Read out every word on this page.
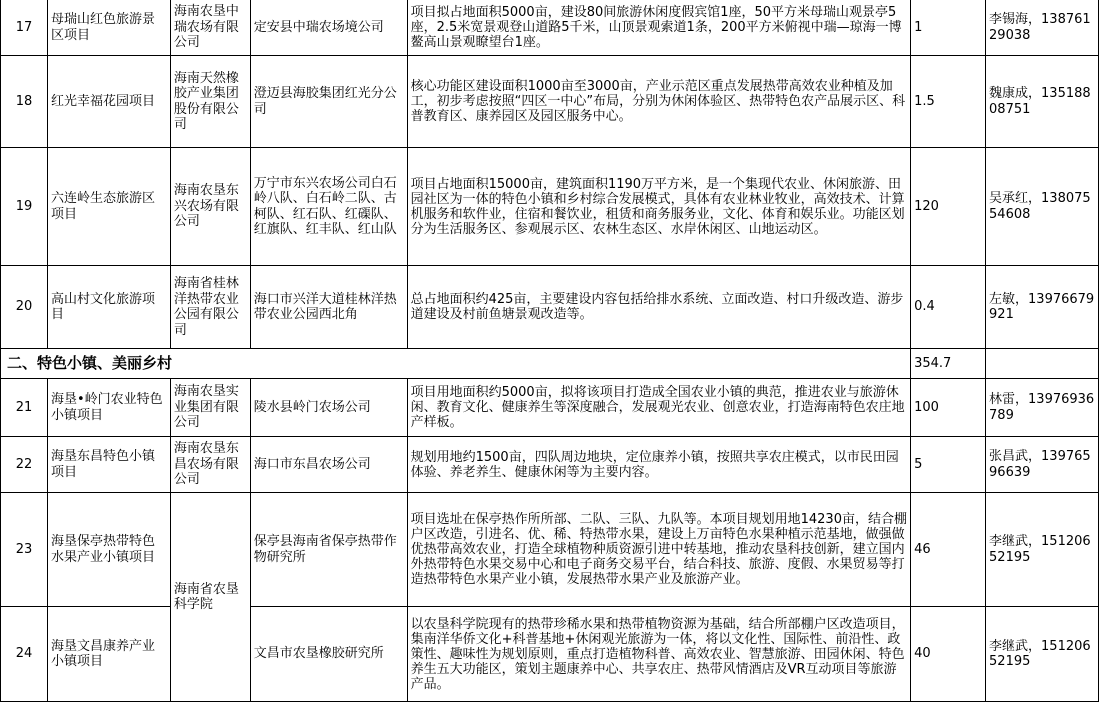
17	母瑞山红色旅游景区项目	海南农垦中瑞农场有限公司	定安县中瑞农场境公司	项目拟占地面积5000亩，建设80间旅游休闲度假宾馆1座，50平方米母瑞山观景亭5座，2.5米宽景观登山道路5千米，山顶景观索道1条，200平方米俯视中瑞—琼海一博鳌高山景观瞭望台1座。	1	李锡海，13876129038
18	红光幸福花园项目	海南天然橡胶产业集团股份有限公司	澄迈县海胶集团红光分公司	核心功能区建设面积1000亩至3000亩，产业示范区重点发展热带高效农业种植及加工，初步考虑按照“四区一中心”布局，分别为休闲体验区、热带特色农产品展示区、科普教育区、康养园区及园区服务中心。	1.5	魏康成，13518808751
19	六连岭生态旅游区项目	海南农垦东兴农场有限公司	万宁市东兴农场公司白石岭八队、白石岭二队、古柯队、红石队、红磲队、红旗队、红丰队、红山队	项目占地面积15000亩，建筑面积1190万平方米，是一个集现代农业、休闲旅游、田园社区为一体的特色小镇和乡村综合发展模式，具体有农业林业牧业，高效技术、计算机服务和软件业，住宿和餐饮业，租赁和商务服务业，文化、体育和娱乐业。功能区划分为生活服务区、参观展示区、农林生态区、水岸休闲区、山地运动区。	120	吴承红，13807554608
20	高山村文化旅游项目	海南省桂林洋热带农业公园有限公司	海口市兴洋大道桂林洋热带农业公园西北角	总占地面积约425亩，主要建设内容包括给排水系统、立面改造、村口升级改造、游步道建设及村前鱼塘景观改造等。	0.4	左敏，13976679921
二、特色小镇、美丽乡村					354.7	
21	海垦•岭门农业特色小镇项目	海南农垦实业集团有限公司	陵水县岭门农场公司	项目用地面积约5000亩，拟将该项目打造成全国农业小镇的典范，推进农业与旅游休闲、教育文化、健康养生等深度融合，发展观光农业、创意农业，打造海南特色农庄地产样板。	100	林雷，13976936789
22	海垦东昌特色小镇项目	海南农垦东昌农场有限公司	海口市东昌农场公司	规划用地约1500亩，四队周边地块，定位康养小镇，按照共享农庄模式，以市民田园体验、养老养生、健康休闲等为主要内容。	5	张昌武，13976596639
23	海垦保亭热带特色水果产业小镇项目	海南省农垦科学院	保亭县海南省保亭热带作物研究所	项目选址在保亭热作所所部、二队、三队、九队等。本项目规划用地14230亩，结合棚户区改造，引进名、优、稀、特热带水果，建设上万亩特色水果种植示范基地，做强做优热带高效农业，打造全球植物种质资源引进中转基地，推动农垦科技创新，建立国内外热带特色水果交易中心和电子商务交易平台，结合科技、旅游、度假、水果贸易等打造热带特色水果产业小镇，发展热带水果产业及旅游产业。	46	李继武，15120652195
24	海垦文昌康养产业小镇项目		文昌市农垦橡胶研究所	以农垦科学院现有的热带珍稀水果和热带植物资源为基础，结合所部棚户区改造项目，集南洋华侨文化+科普基地+休闲观光旅游为一体，将以文化性、国际性、前沿性、政策性、趣味性为规划原则，重点打造植物科普、高效农业、智慧旅游、田园休闲、特色养生五大功能区，策划主题康养中心、共享农庄、热带风情酒店及VR互动项目等旅游产品。	40	李继武，15120652195
